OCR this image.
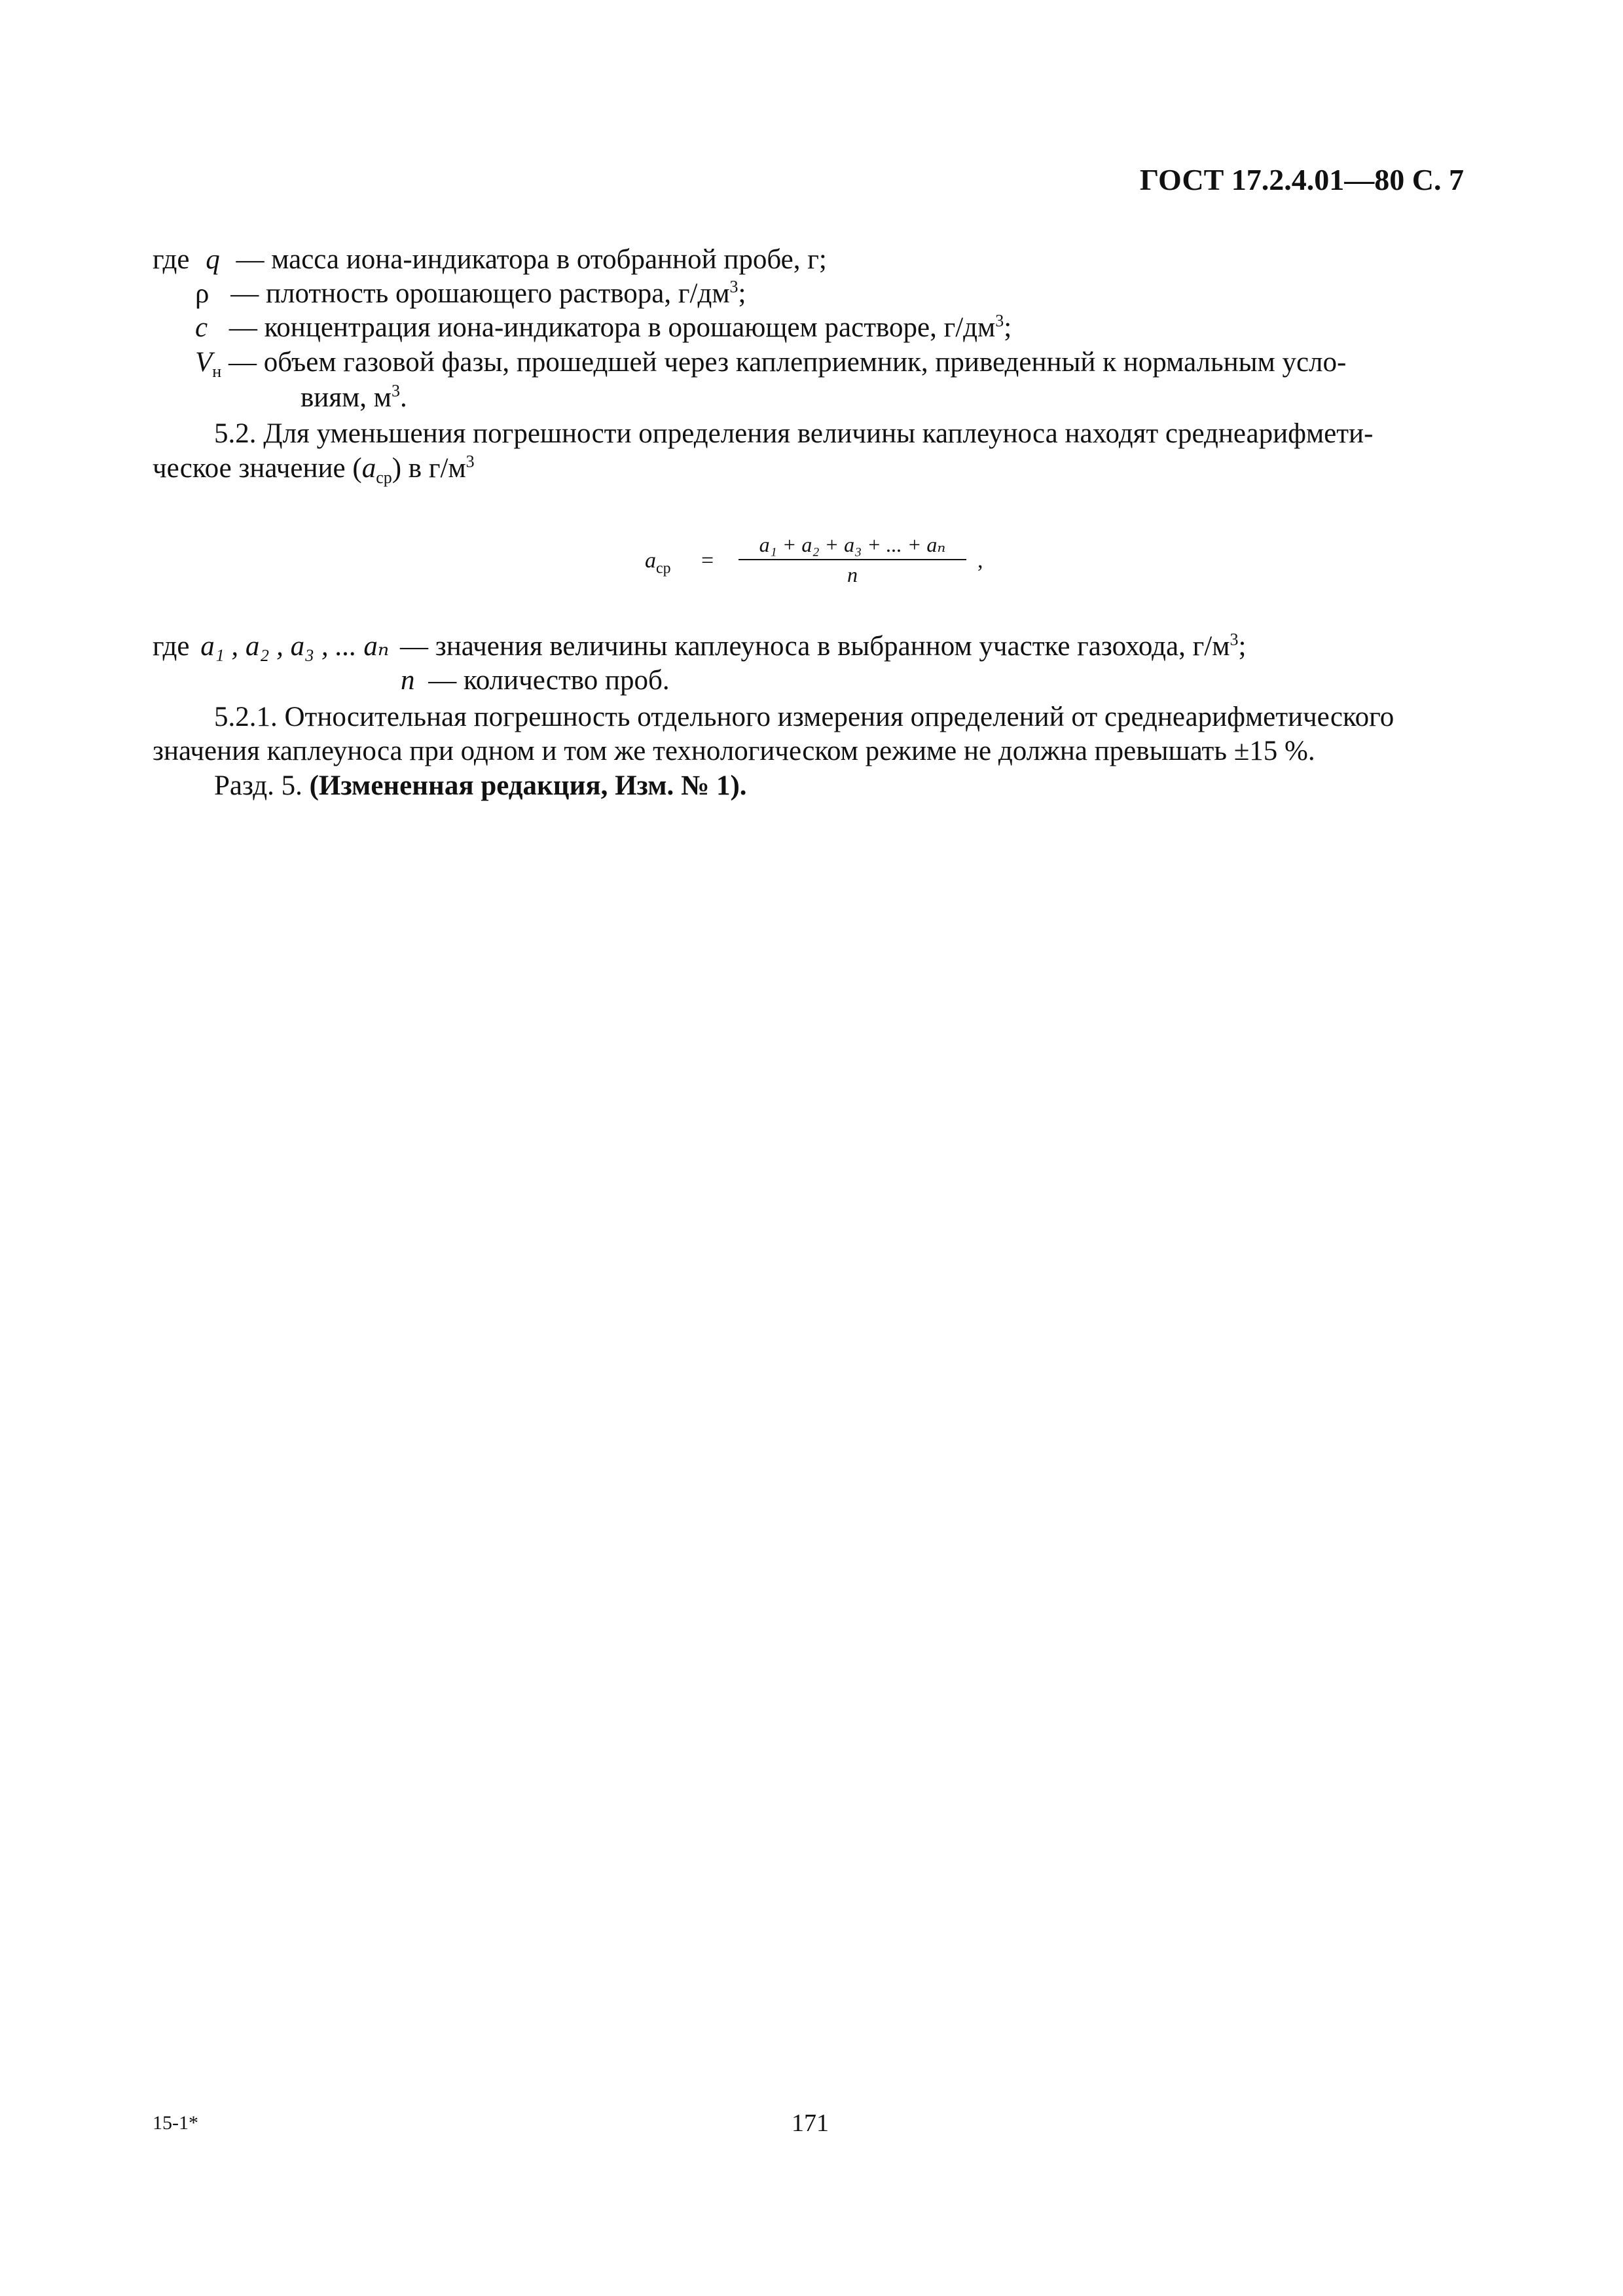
ГОСТ 17.2.4.01—80 С. 7
где q — масса иона-индикатора в отобранной пробе, г;
ρ — плотность орошающего раствора, $г/дм^3$;
c — концентрация иона-индикатора в орошающем растворе, $г/дм^3$;
$V_н$ — объем газовой фазы, прошедшей через каплеприемник, приведенный к нормальным усло-
виям, $м^3$.
5.2. Для уменьшения погрешности определения величины каплеуноса находят среднеарифмети-
ческое значение $(a_{ср})$ в $г/м^3$
$a_{ср}$ =
a₁ + a₂ + a₃ + ... + aₙ
n
,
где a₁ , a₂ , a₃ , ... aₙ — значения величины каплеуноса в выбранном участке газохода, $г/м^3$;
n — количество проб.
5.2.1. Относительная погрешность отдельного измерения определений от среднеарифметического
значения каплеуноса при одном и том же технологическом режиме не должна превышать ±15 %.
Разд. 5. (Измененная редакция, Изм. № 1).
15-1*	171
